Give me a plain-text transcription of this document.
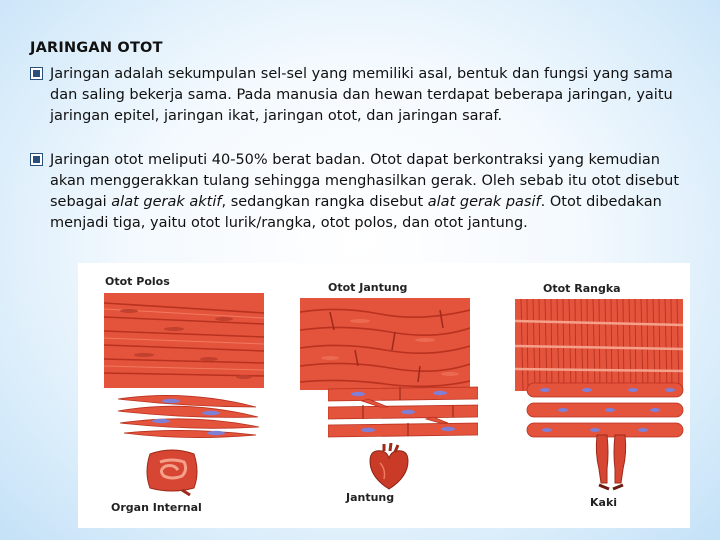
JARINGAN OTOT
Jaringan adalah sekumpulan sel-sel yang memiliki asal, bentuk dan fungsi yang sama dan saling bekerja sama. Pada manusia dan hewan terdapat beberapa jaringan, yaitu jaringan epitel, jaringan ikat, jaringan otot, dan jaringan saraf.
Jaringan otot meliputi 40-50% berat badan. Otot dapat berkontraksi yang kemudian akan menggerakkan tulang sehingga menghasilkan gerak. Oleh sebab itu otot disebut sebagai alat gerak aktif, sedangkan rangka disebut alat gerak pasif. Otot dibedakan menjadi tiga, yaitu otot lurik/rangka, otot polos, dan otot jantung.
Otot Polos	Otot Jantung	Otot Rangka
Organ Internal
Jantung	Kaki
